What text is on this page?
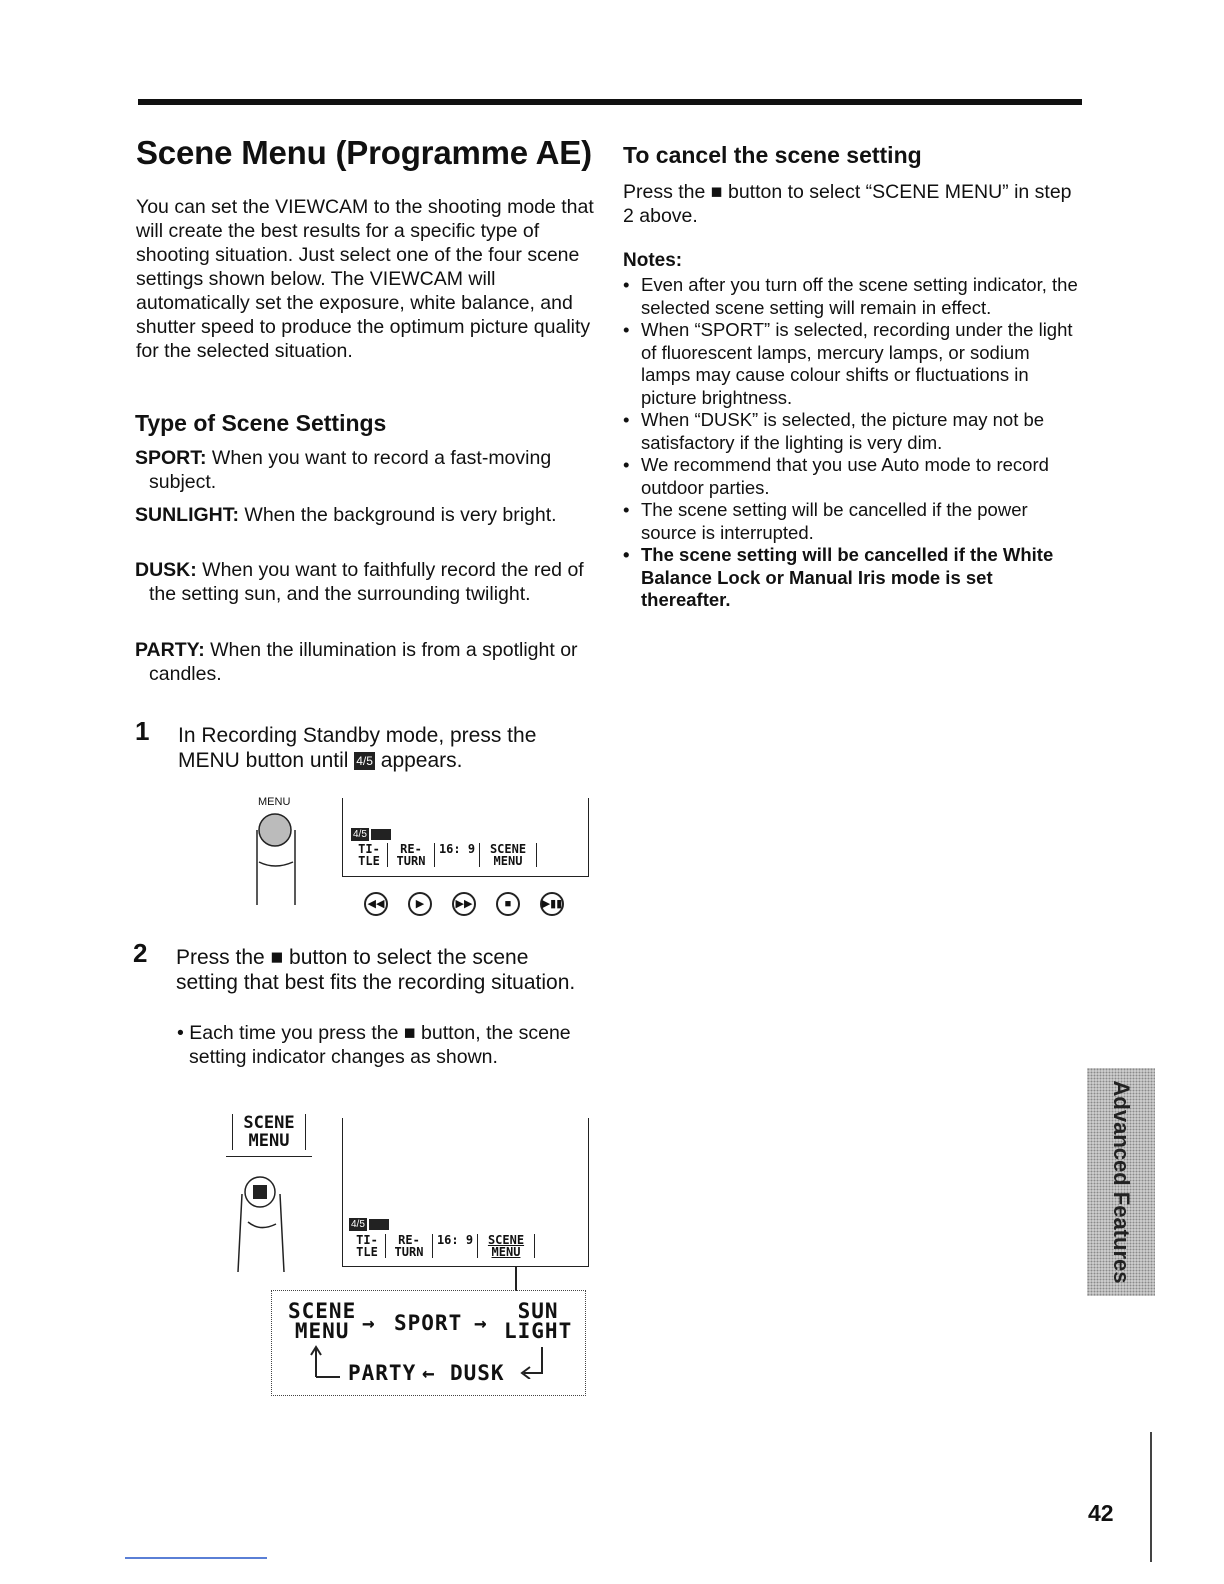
Scene Menu (Programme AE)
You can set the VIEWCAM to the shooting mode that will create the best results for a specific type of shooting situation. Just select one of the four scene settings shown below. The VIEWCAM will automatically set the exposure, white balance, and shutter speed to produce the optimum picture quality for the selected situation.
Type of Scene Settings
SPORT: When you want to record a fast-moving subject.
SUNLIGHT: When the background is very bright.
DUSK: When you want to faithfully record the red of the setting sun, and the surrounding twilight.
PARTY: When the illumination is from a spotlight or candles.
1 In Recording Standby mode, press the MENU button until 4/5 appears.
MENU
4/5
TI-
TLE
RE-
TURN
16: 9	SCENE
MENU
◀◀	▶	▶▶	■	▶▮▮
2 Press the ■ button to select the scene setting that best fits the recording situation.
• Each time you press the ■ button, the scene setting indicator changes as shown.
SCENE
MENU
4/5
TI-
TLE
RE-
TURN
16: 9	SCENE
MENU
SCENE
MENU → SPORT →	SUN
LIGHT
PARTY ← DUSK
To cancel the scene setting
Press the ■ button to select “SCENE MENU” in step 2 above.
Notes:
• Even after you turn off the scene setting indicator, the selected scene setting will remain in effect.
• When “SPORT” is selected, recording under the light of fluorescent lamps, mercury lamps, or sodium lamps may cause colour shifts or fluctuations in picture brightness.
• When “DUSK” is selected, the picture may not be satisfactory if the lighting is very dim.
• We recommend that you use Auto mode to record outdoor parties.
• The scene setting will be cancelled if the power source is interrupted.
• The scene setting will be cancelled if the White Balance Lock or Manual Iris mode is set thereafter.
Advanced Features
42
